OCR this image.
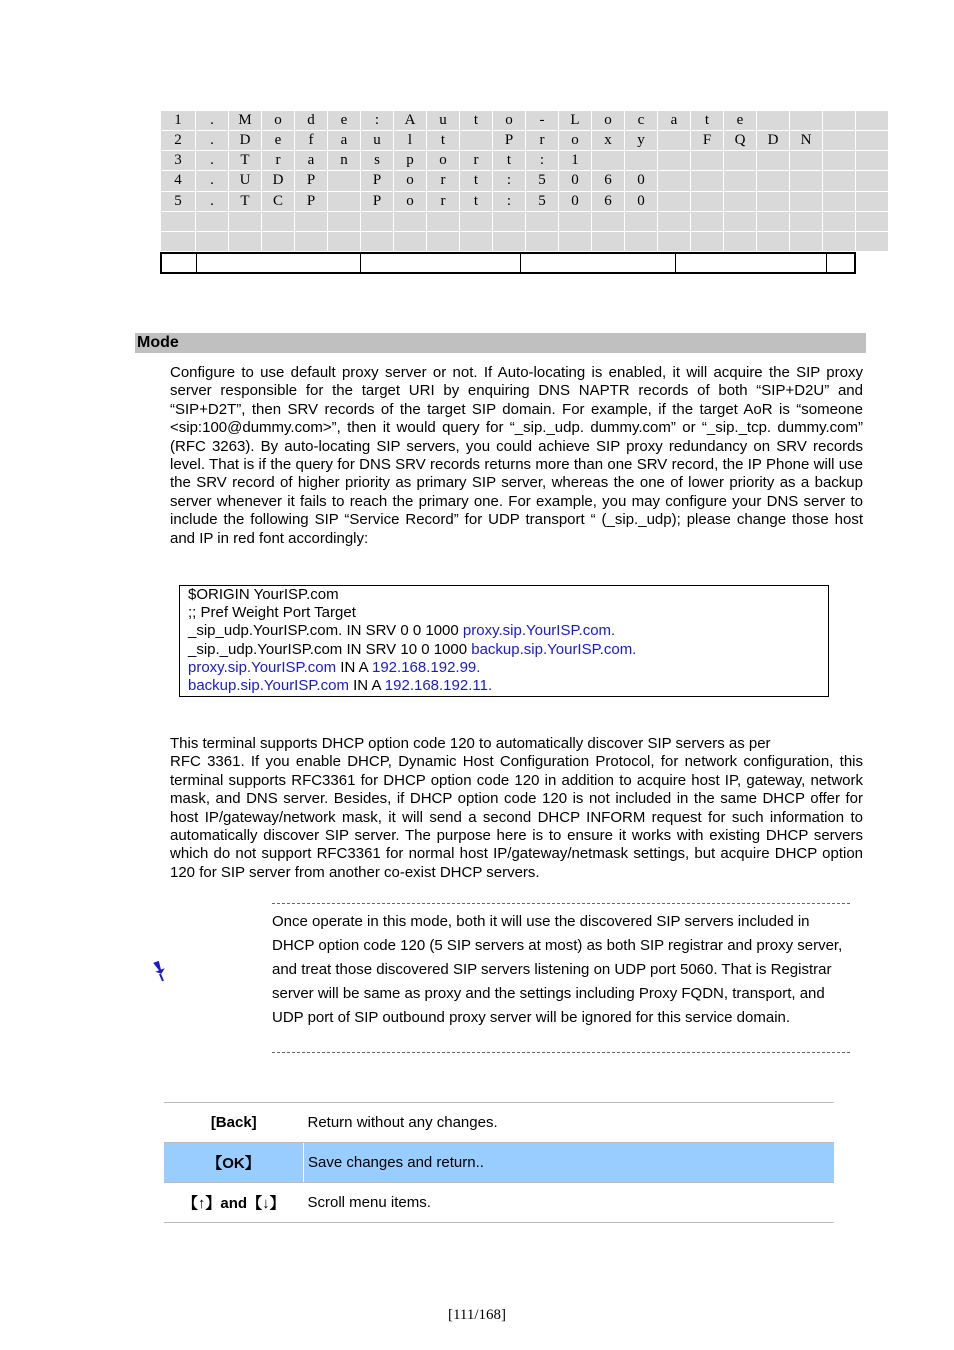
1	.	M	o	d	e	:	A	u	t	o	-	L	o	c	a	t	e				
2	.	D	e	f	a	u	l	t		P	r	o	x	y		F	Q	D	N		
3	.	T	r	a	n	s	p	o	r	t	:	1									
4	.	U	D	P		P	o	r	t	:	5	0	6	0							
5	.	T	C	P		P	o	r	t	:	5	0	6	0							

Mode

Configure to use default proxy server or not. If Auto-locating is enabled, it will acquire the SIP proxy server responsible for the target URI by enquiring DNS NAPTR records of both “SIP+D2U” and “SIP+D2T”, then SRV records of the target SIP domain. For example, if the target AoR is “someone <sip:100@dummy.com>”, then it would query for “_sip._udp. dummy.com” or “_sip._tcp. dummy.com” (RFC 3263). By auto-locating SIP servers, you could achieve SIP proxy redundancy on SRV records level. That is if the query for DNS SRV records returns more than one SRV record, the IP Phone will use the SRV record of higher priority as primary SIP server, whereas the one of lower priority as a backup server whenever it fails to reach the primary one. For example, you may configure your DNS server to include the following SIP “Service Record” for UDP transport “ (_sip._udp); please change those host and IP in red font accordingly:

$ORIGIN YourISP.com
;; Pref Weight Port Target
_sip_udp.YourISP.com. IN SRV 0 0 1000 proxy.sip.YourISP.com.
_sip._udp.YourISP.com IN SRV 10 0 1000 backup.sip.YourISP.com.
proxy.sip.YourISP.com IN A 192.168.192.99.
backup.sip.YourISP.com IN A 192.168.192.11.

This terminal supports DHCP option code 120 to automatically discover SIP servers as per

RFC 3361. If you enable DHCP, Dynamic Host Configuration Protocol, for network configuration, this terminal supports RFC3361 for DHCP option code 120 in addition to acquire host IP, gateway, network mask, and DNS server. Besides, if DHCP option code 120 is not included in the same DHCP offer for host IP/gateway/network mask, it will send a second DHCP INFORM request for such information to automatically discover SIP server. The purpose here is to ensure it works with existing DHCP servers which do not support RFC3361 for normal host IP/gateway/netmask settings, but acquire DHCP option 120 for SIP server from another co-exist DHCP servers.

Once operate in this mode, both it will use the discovered SIP servers included in DHCP option code 120 (5 SIP servers at most) as both SIP registrar and proxy server, and treat those discovered SIP servers listening on UDP port 5060. That is Registrar server will be same as proxy and the settings including Proxy FQDN, transport, and UDP port of SIP outbound proxy server will be ignored for this service domain.

[Back]	Return without any changes.
【OK】	Save changes and return..
【↑】and【↓】	Scroll menu items.
[111/168]
